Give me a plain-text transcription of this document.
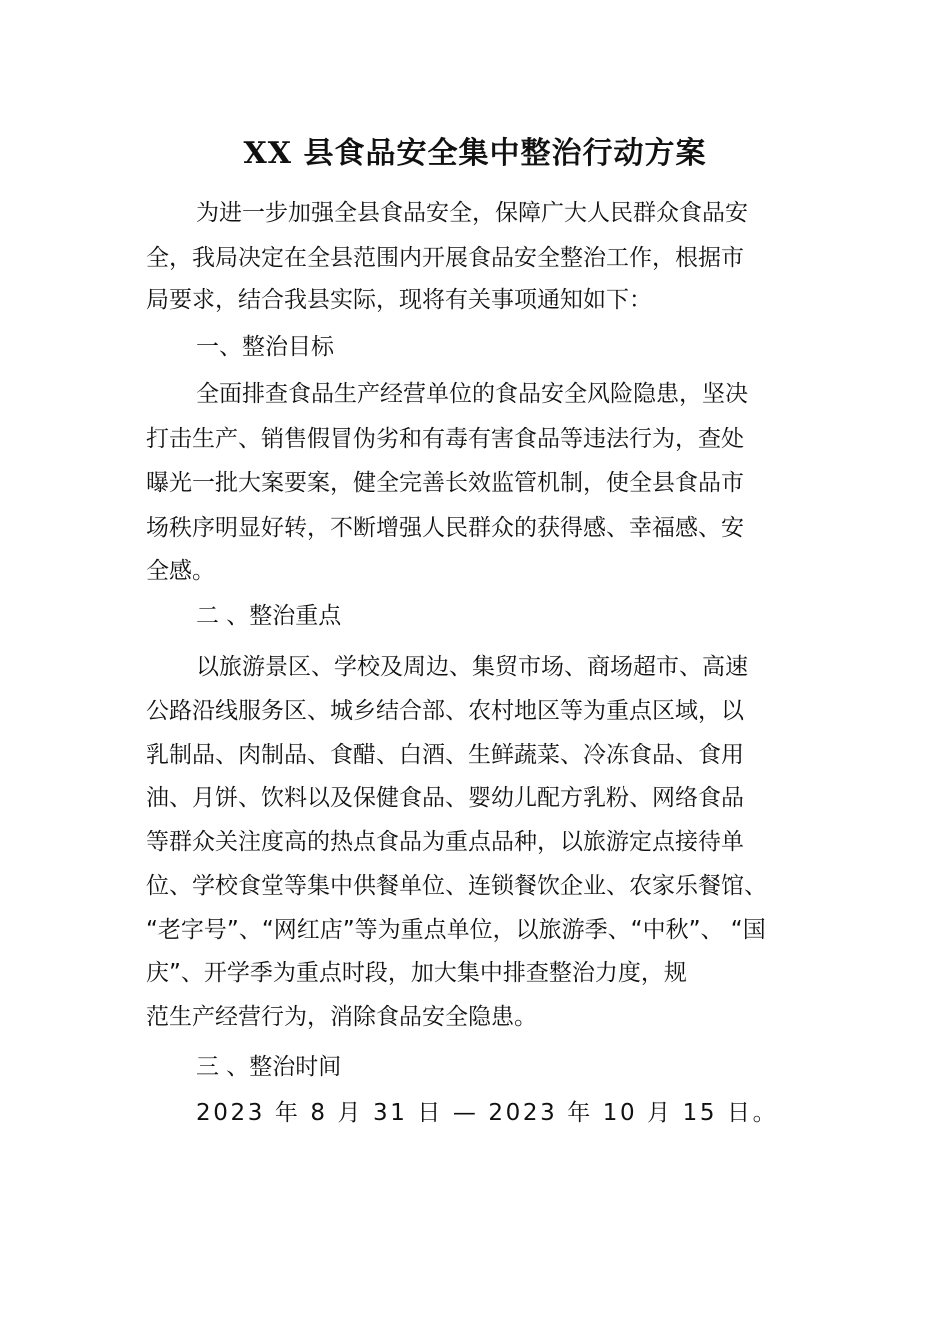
XX 县食品安全集中整治行动方案
为进一步加强全县食品安全，保障广大人民群众食品安
全，我局决定在全县范围内开展食品安全整治工作，根据市
局要求，结合我县实际，现将有关事项通知如下：
一、整治目标
全面排查食品生产经营单位的食品安全风险隐患，坚决
打击生产、销售假冒伪劣和有毒有害食品等违法行为，查处
曝光一批大案要案，健全完善长效监管机制，使全县食品市
场秩序明显好转，不断增强人民群众的获得感、幸福感、安
全感。
二 、整治重点
以旅游景区、学校及周边、集贸市场、商场超市、高速
公路沿线服务区、城乡结合部、农村地区等为重点区域，以
乳制品、肉制品、食醋、白酒、生鲜蔬菜、冷冻食品、食用
油、月饼、饮料以及保健食品、婴幼儿配方乳粉、网络食品
等群众关注度高的热点食品为重点品种，以旅游定点接待单
位、学校食堂等集中供餐单位、连锁餐饮企业、农家乐餐馆、
“老字号”、“网红店”等为重点单位，以旅游季、“中秋”、 “国
庆”、开学季为重点时段，加大集中排查整治力度，规
范生产经营行为，消除食品安全隐患。
三 、整治时间
2023 年 8 月 31 日 — 2023 年 10 月 15 日。
